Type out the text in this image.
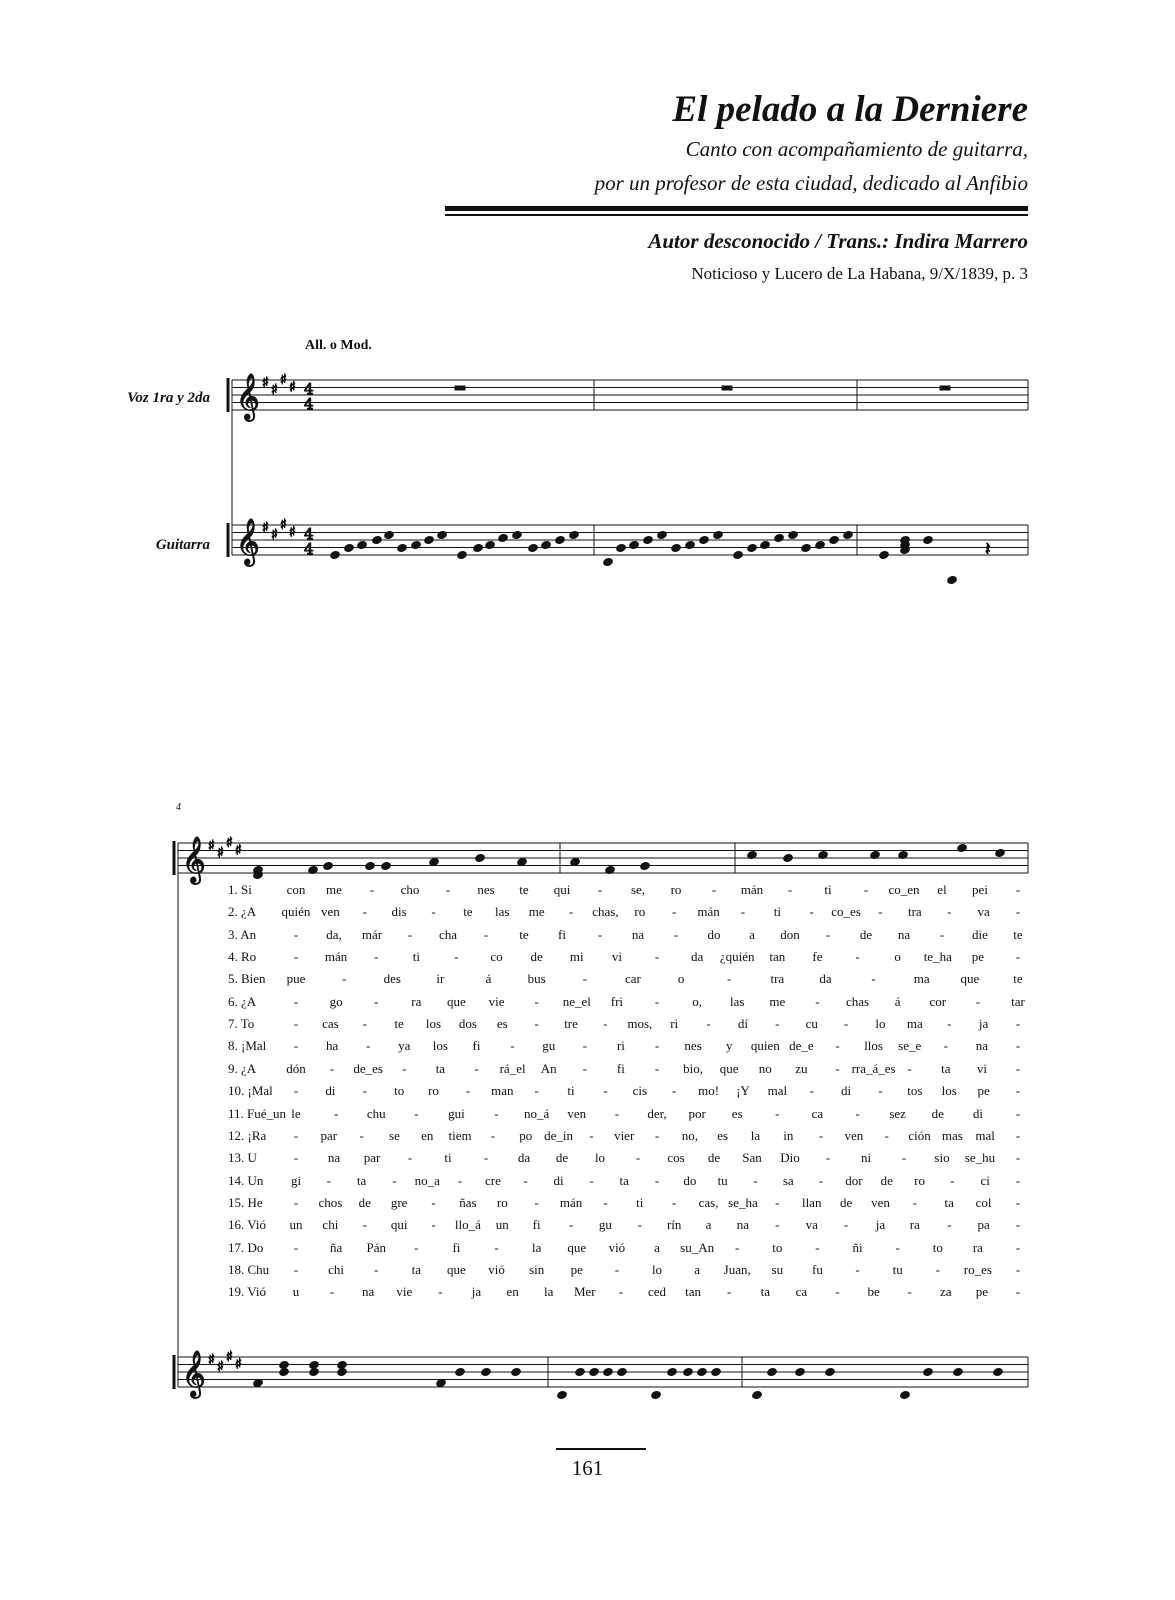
El pelado a la Derniere
Canto con acompañamiento de guitarra,
por un profesor de esta ciudad, dedicado al Anfibio
Autor desconocido / Trans.: Indira Marrero
Noticioso y Lucero de La Habana, 9/X/1839, p. 3
All. o Mod.
Voz 1ra y 2da
Guitarra
𝄞 ♯ ♯
♯ ♯ 4
4
𝄞 ♯ ♯
♯ ♯ 4
4	𝄽
𝄞 ♯ ♯
♯ ♯
𝄞 ♯ ♯
♯ ♯
4
1. Si	con me - cho - nes te qui - se, ro - mán - ti - co_en el pei -
2. ¿A quién ven - dis - te las me - chas, ro - mán - ti - co_es - tra - va -
3. An	- da, már - cha - te fi - na - do a don - de na - die te
4. Ro	- mán -	ti	- co de mi vi	- da ¿quién tan fe	-	o te_ha pe -
5. Bien pue	-	des	ir	á	bus	-	car	o	-	tra	da	-	ma que	te
6. ¿A	- go -	ra que vie - ne_el fri -	o, las me - chas á cor - tar
7. To	- cas - te los dos es - tre - mos, ri - dí - cu - lo ma - ja -
8. ¡Mal - ha - ya los fi - gu - ri - nes y quien de_e - llos se_e - na -
9. ¿A dón - de_es - ta - rá_el An - fi - bio, que no zu - rra_á_es - ta vi -
10. ¡Mal - di - to ro - man - ti - cis - mo! ¡Y mal - di - tos los pe -
11. Fué_un le	- chu - gui - no_á ven - der, por es	- ca - sez de di	-
12. ¡Ra - par - se en tiem - po de_in - vier - no, es la in - ven - ción mas mal -
13. U	- na par - ti - da de lo - cos de San Dio - ni - sio se_hu -
14. Un gi - ta - no_a - cre - di - ta - do tu - sa - dor de ro - ci -
15. He - chos de gre - ñas ro - mán - ti - cas, se_ha - llan de ven - ta col -
16. Vió un chi - qui - llo_á un fi - gu - rín a na - va - ja ra - pa -
17. Do - ña Pán -	fi	-	la que vió a su_An -	to	-	ñi	-	to ra	-
18. Chu - chi -	ta que vió sin pe -	lo a Juan, su fu	-	tu	- ro_es -
19. Vió u - na vie - ja en la Mer - ced tan - ta ca - be - za pe -
161
